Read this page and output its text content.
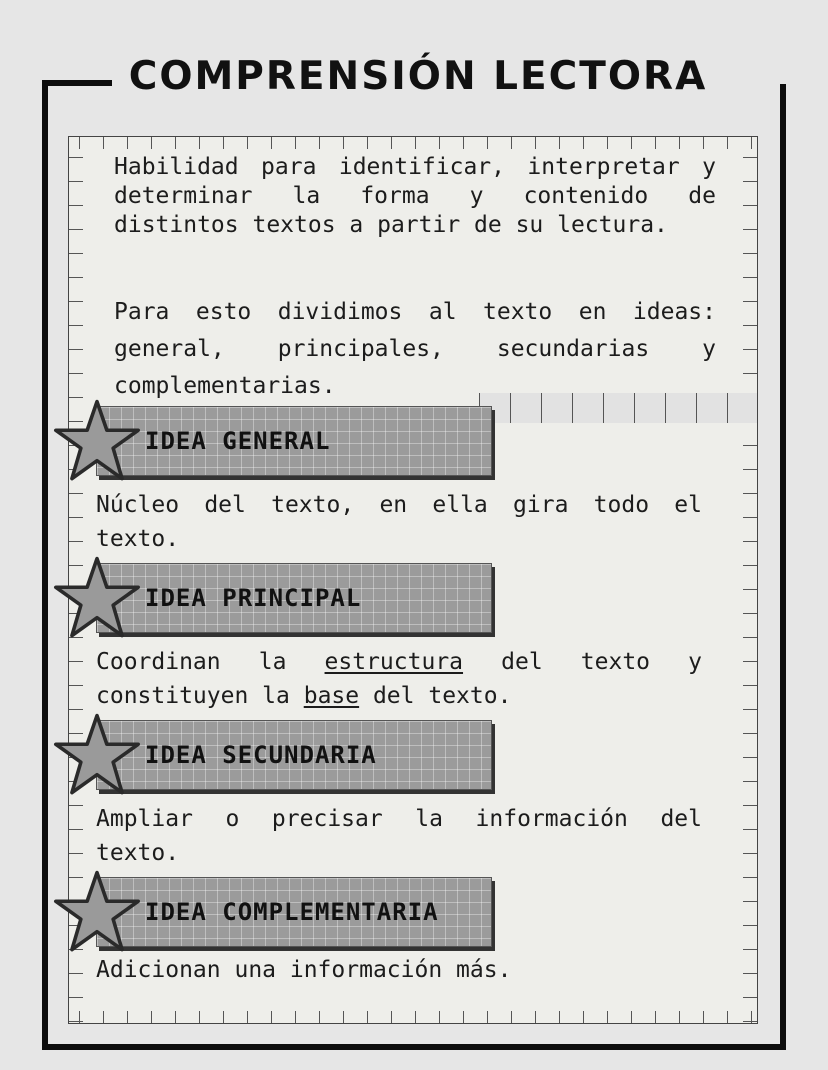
COMPRENSIÓN LECTORA
Habilidad para identificar, interpretar y determinar la forma y contenido de distintos textos a partir de su lectura.
Para esto dividimos al texto en ideas: general, principales, secundarias y complementarias.
IDEA GENERAL
Núcleo del texto, en ella gira todo el texto.
IDEA PRINCIPAL
Coordinan la estructura del texto y constituyen la base del texto.
IDEA SECUNDARIA
Ampliar o precisar la información del texto.
IDEA COMPLEMENTARIA
Adicionan una información más.
